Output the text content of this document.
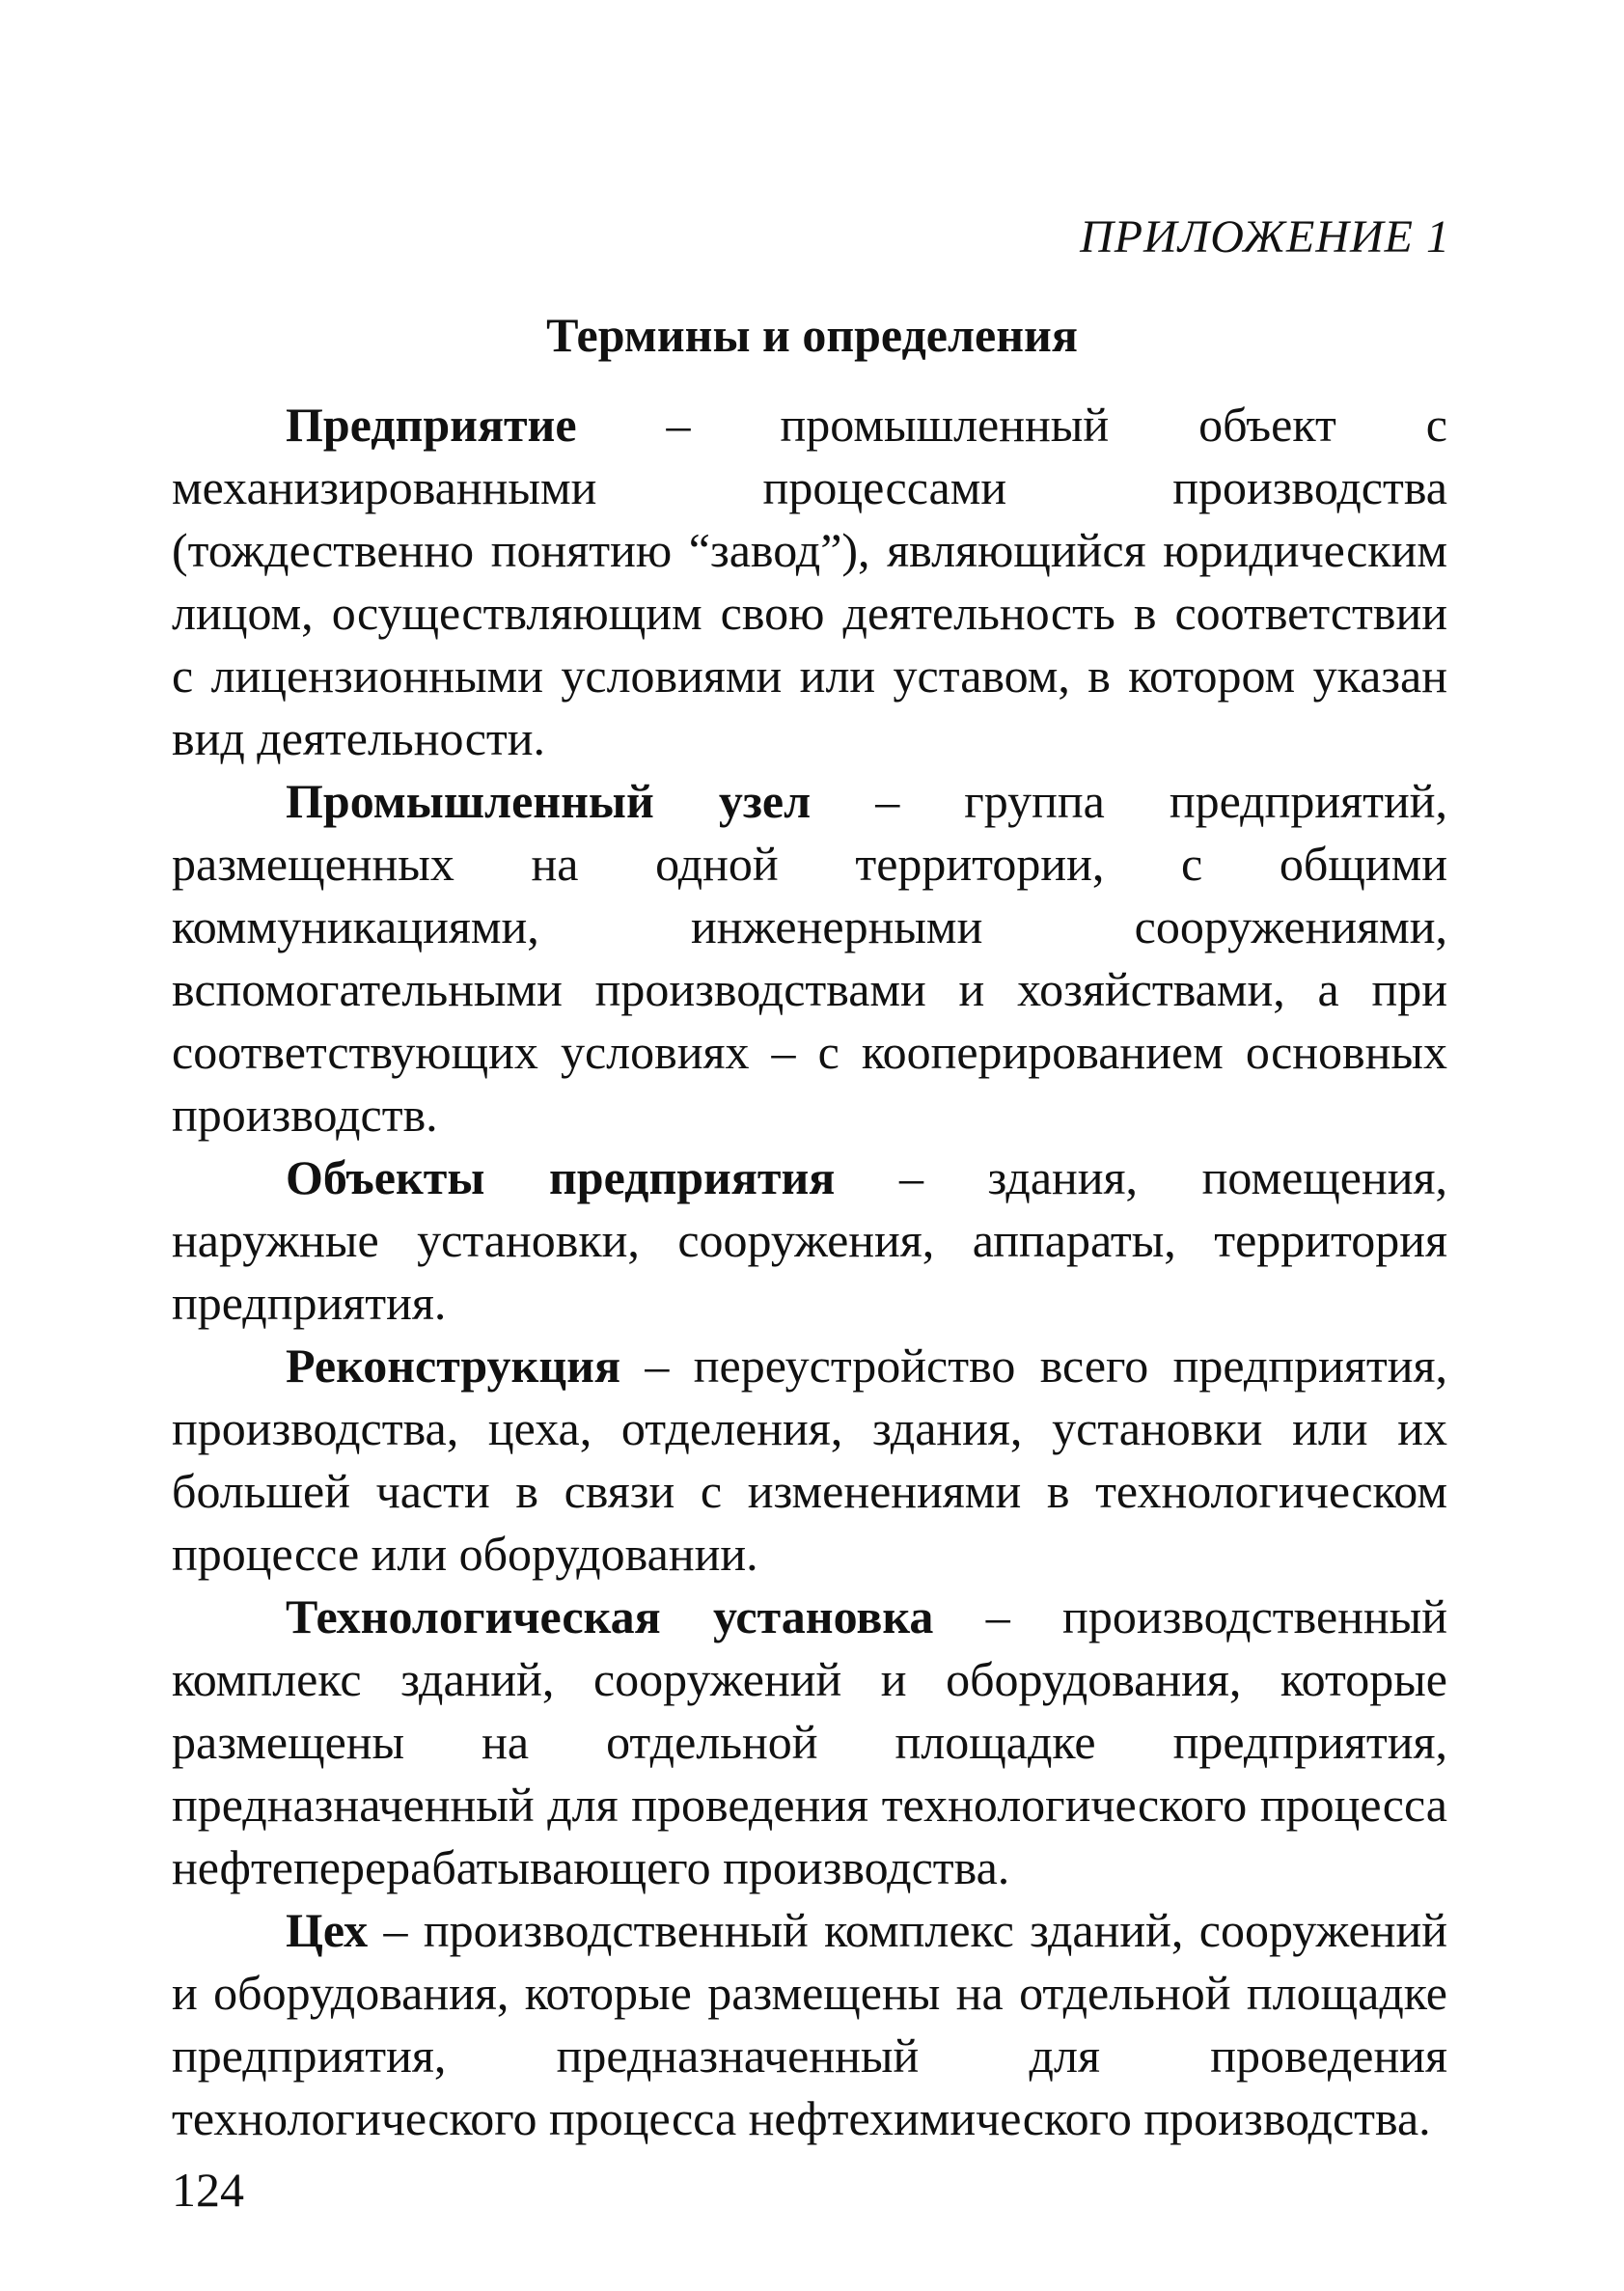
ПРИЛОЖЕНИЕ 1
Термины и определения

Предприятие – промышленный объект с механизированными процессами производства (тождественно понятию “завод”), являющийся юридическим лицом, осуществляющим свою деятельность в соответствии с лицензионными условиями или уставом, в котором указан вид деятельности.

Промышленный узел – группа предприятий, размещенных на одной территории, с общими коммуникациями, инженерными сооружениями, вспомогательными производствами и хозяйствами, а при соответствующих условиях – с кооперированием основных производств.

Объекты предприятия – здания, помещения, наружные установки, сооружения, аппараты, территория предприятия.

Реконструкция – переустройство всего предприятия, производства, цеха, отделения, здания, установки или их большей части в связи с изменениями в технологическом процессе или оборудовании.

Технологическая установка – производственный комплекс зданий, сооружений и оборудования, которые размещены на отдельной площадке предприятия, предназначенный для проведения технологического процесса нефтеперерабатывающего производства.

Цех – производственный комплекс зданий, сооружений и оборудования, которые размещены на отдельной площадке предприятия, предназначенный для проведения технологического процесса нефтехимического производства.

124
